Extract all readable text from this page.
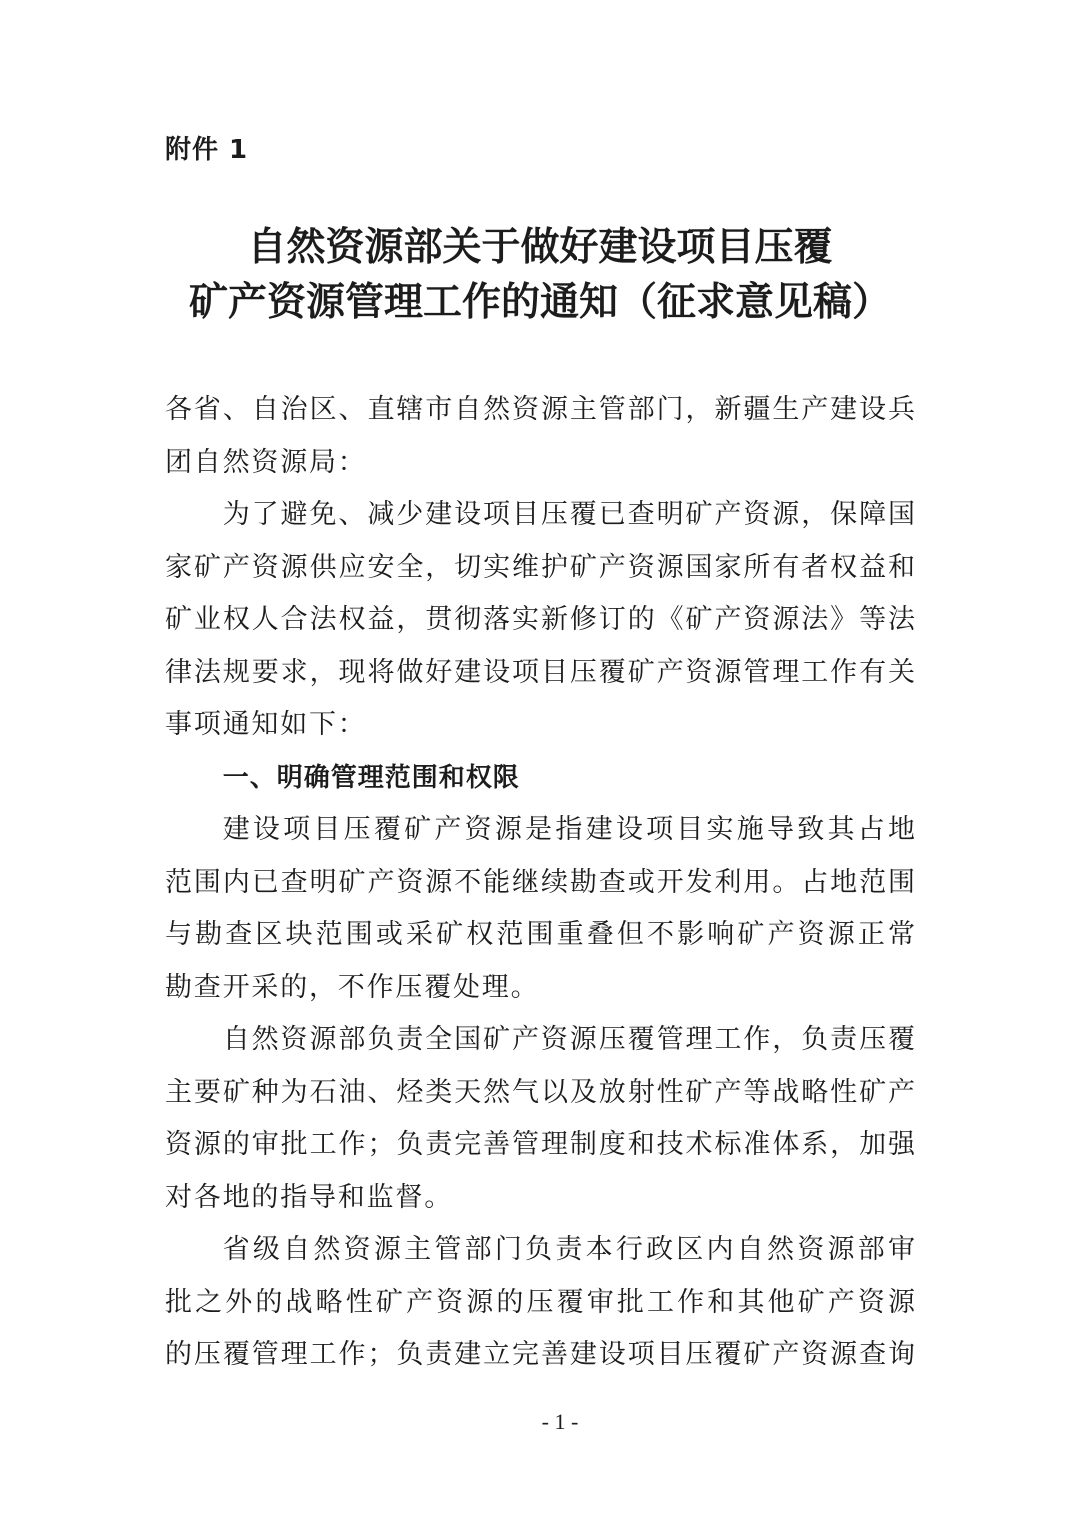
附件 1
自然资源部关于做好建设项目压覆
矿产资源管理工作的通知（征求意见稿）
各省、自治区、直辖市自然资源主管部门，新疆生产建设兵
团自然资源局：
为了避免、减少建设项目压覆已查明矿产资源，保障国
家矿产资源供应安全，切实维护矿产资源国家所有者权益和
矿业权人合法权益，贯彻落实新修订的《矿产资源法》等法
律法规要求，现将做好建设项目压覆矿产资源管理工作有关
事项通知如下：
一、明确管理范围和权限
建设项目压覆矿产资源是指建设项目实施导致其占地
范围内已查明矿产资源不能继续勘查或开发利用。占地范围
与勘查区块范围或采矿权范围重叠但不影响矿产资源正常
勘查开采的，不作压覆处理。
自然资源部负责全国矿产资源压覆管理工作，负责压覆
主要矿种为石油、烃类天然气以及放射性矿产等战略性矿产
资源的审批工作；负责完善管理制度和技术标准体系，加强
对各地的指导和监督。
省级自然资源主管部门负责本行政区内自然资源部审
批之外的战略性矿产资源的压覆审批工作和其他矿产资源
的压覆管理工作；负责建立完善建设项目压覆矿产资源查询
- 1 -
